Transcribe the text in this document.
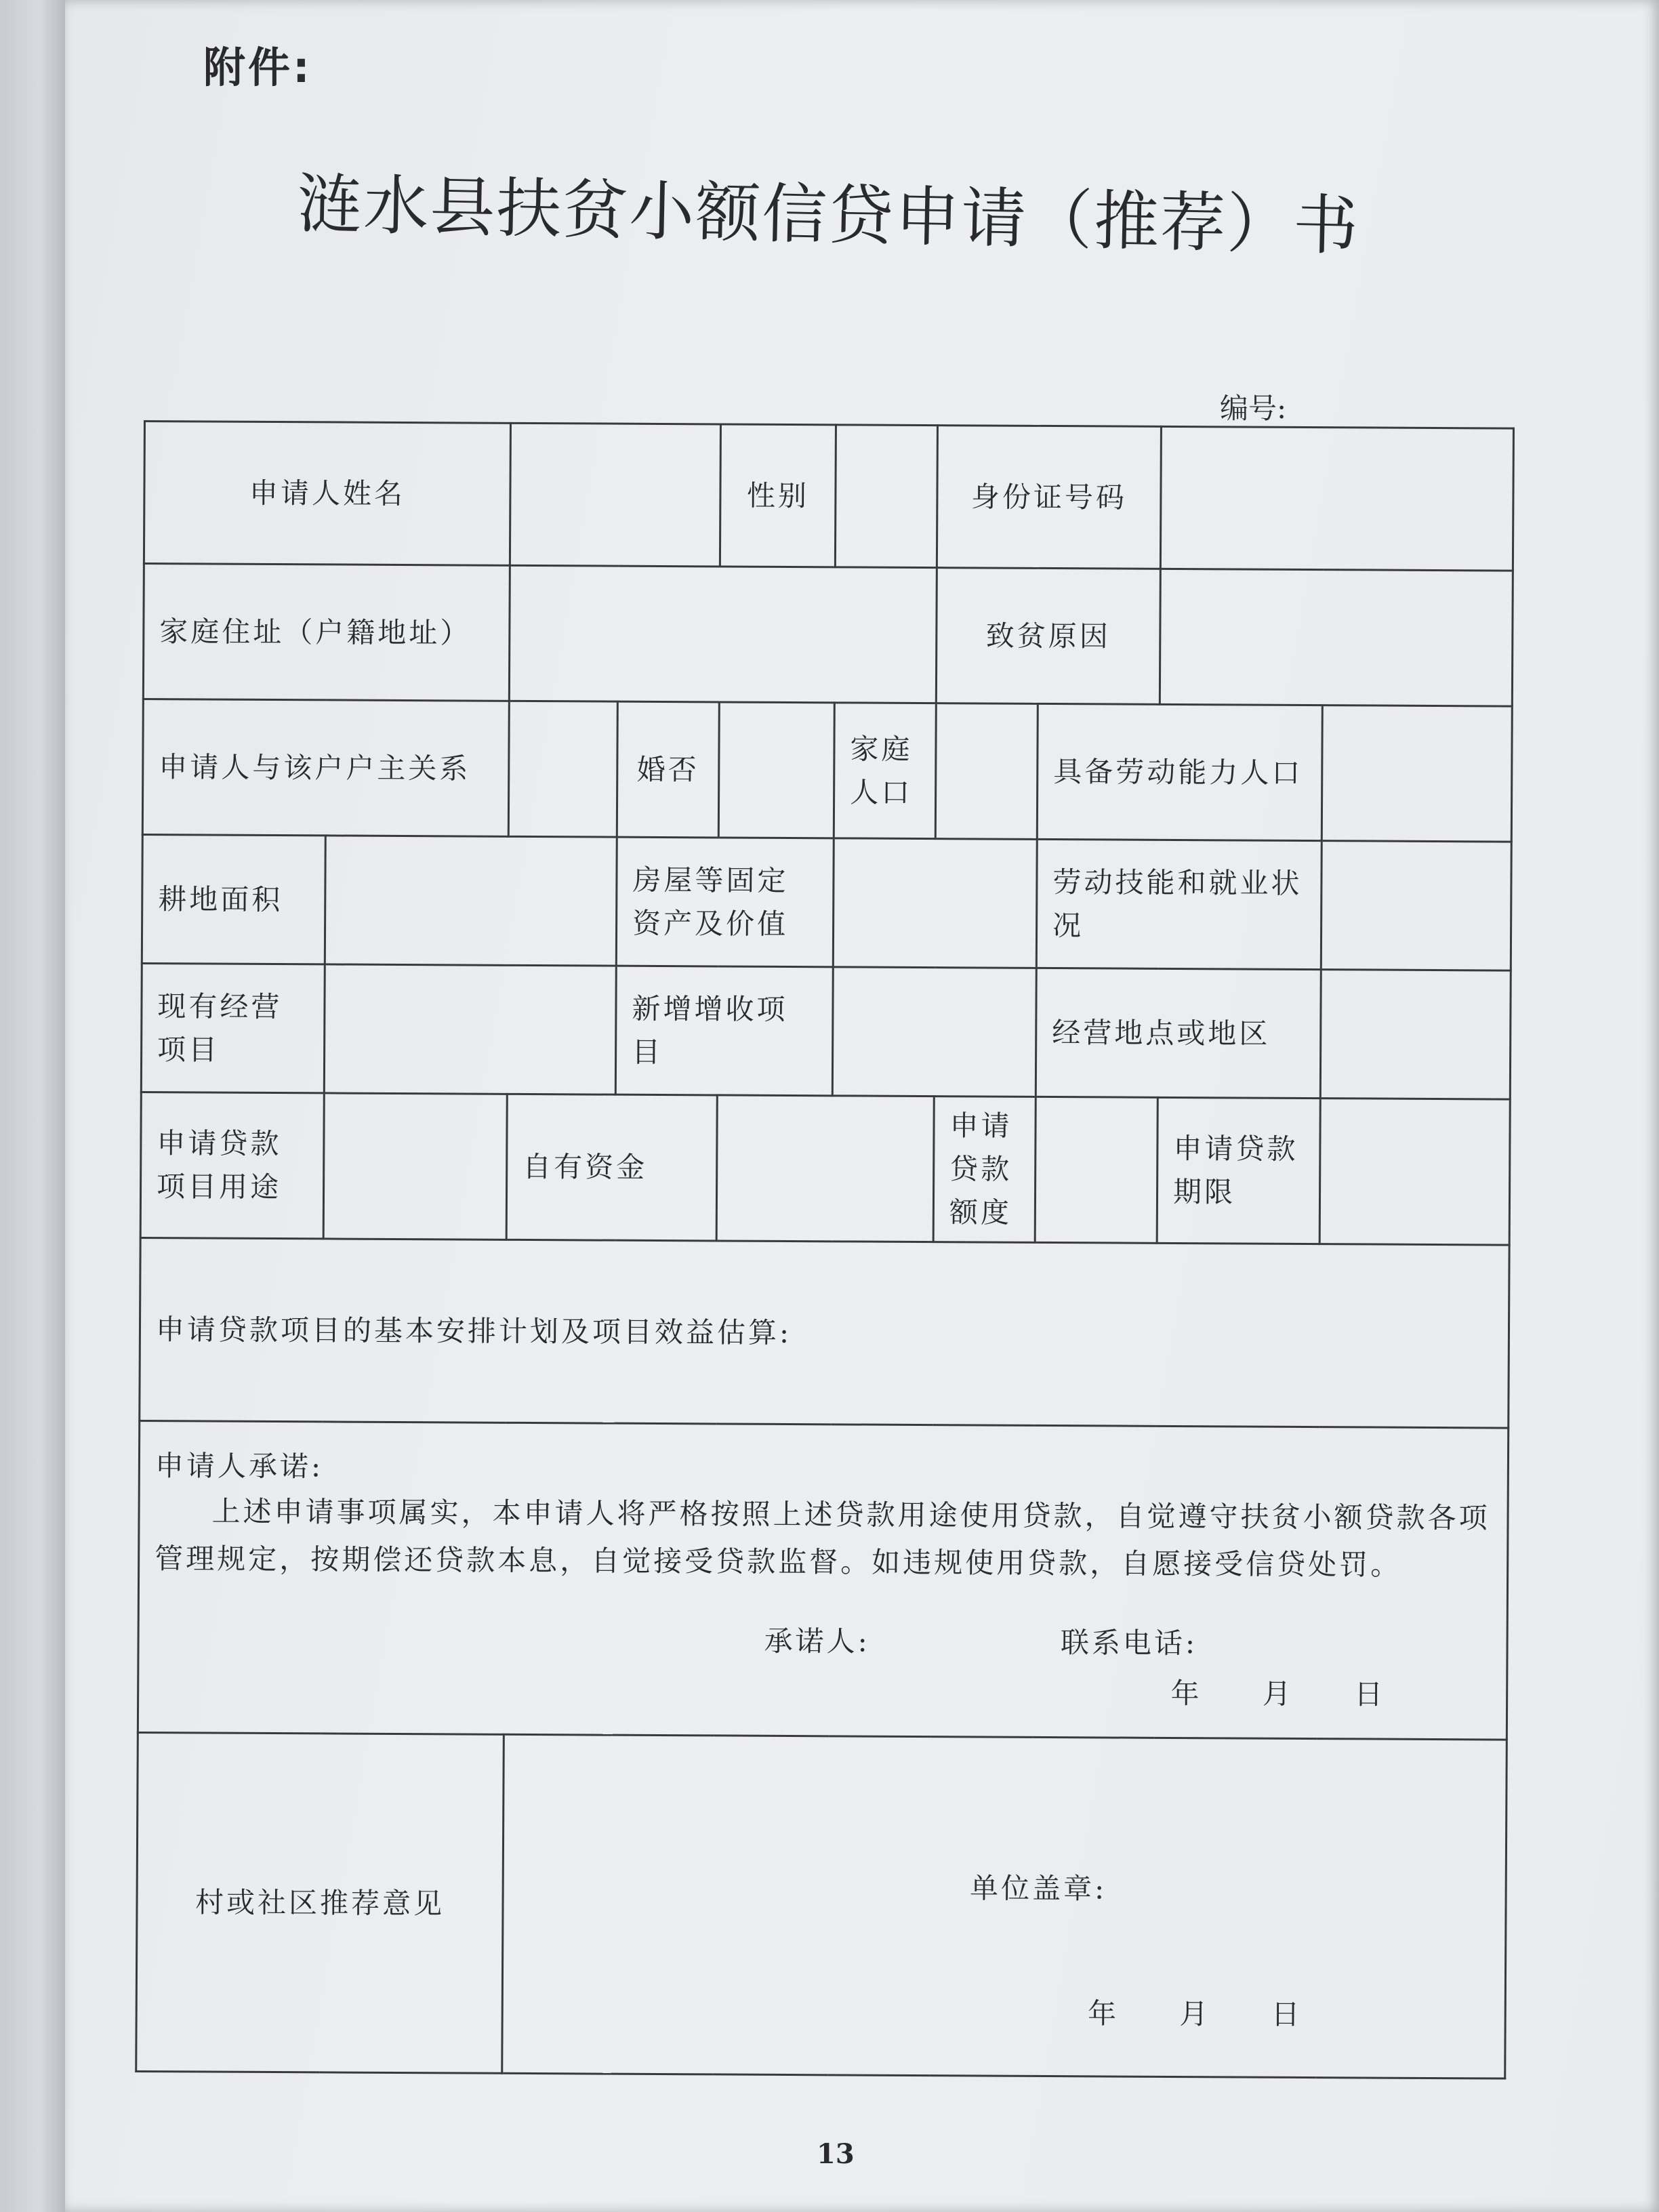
附件:
涟水县扶贫小额信贷申请（推荐）书
编号:
申请人姓名				性别		身份证号码			
家庭住址（户籍地址）						致贫原因			
申请人与该户户主关系			婚否		家庭人口		具备劳动能力人口		
耕地面积			房屋等固定资产及价值				劳动技能和就业状况		
现有经营项目			新增增收项目				经营地点或地区		
申请贷款项目用途		自有资金				申请贷款额度		申请贷款期限	

申请贷款项目的基本安排计划及项目效益估算:									

申请人承诺:
上述申请事项属实，本申请人将严格按照上述贷款用途使用贷款，自觉遵守扶贫小额贷款各项管理规定，按期偿还贷款本息，自觉接受贷款监督。如违规使用贷款，自愿接受信贷处罚。
承诺人: 联系电话:
年 月 日									

村或社区推荐意见		单位盖章:
年 月 日							
13
